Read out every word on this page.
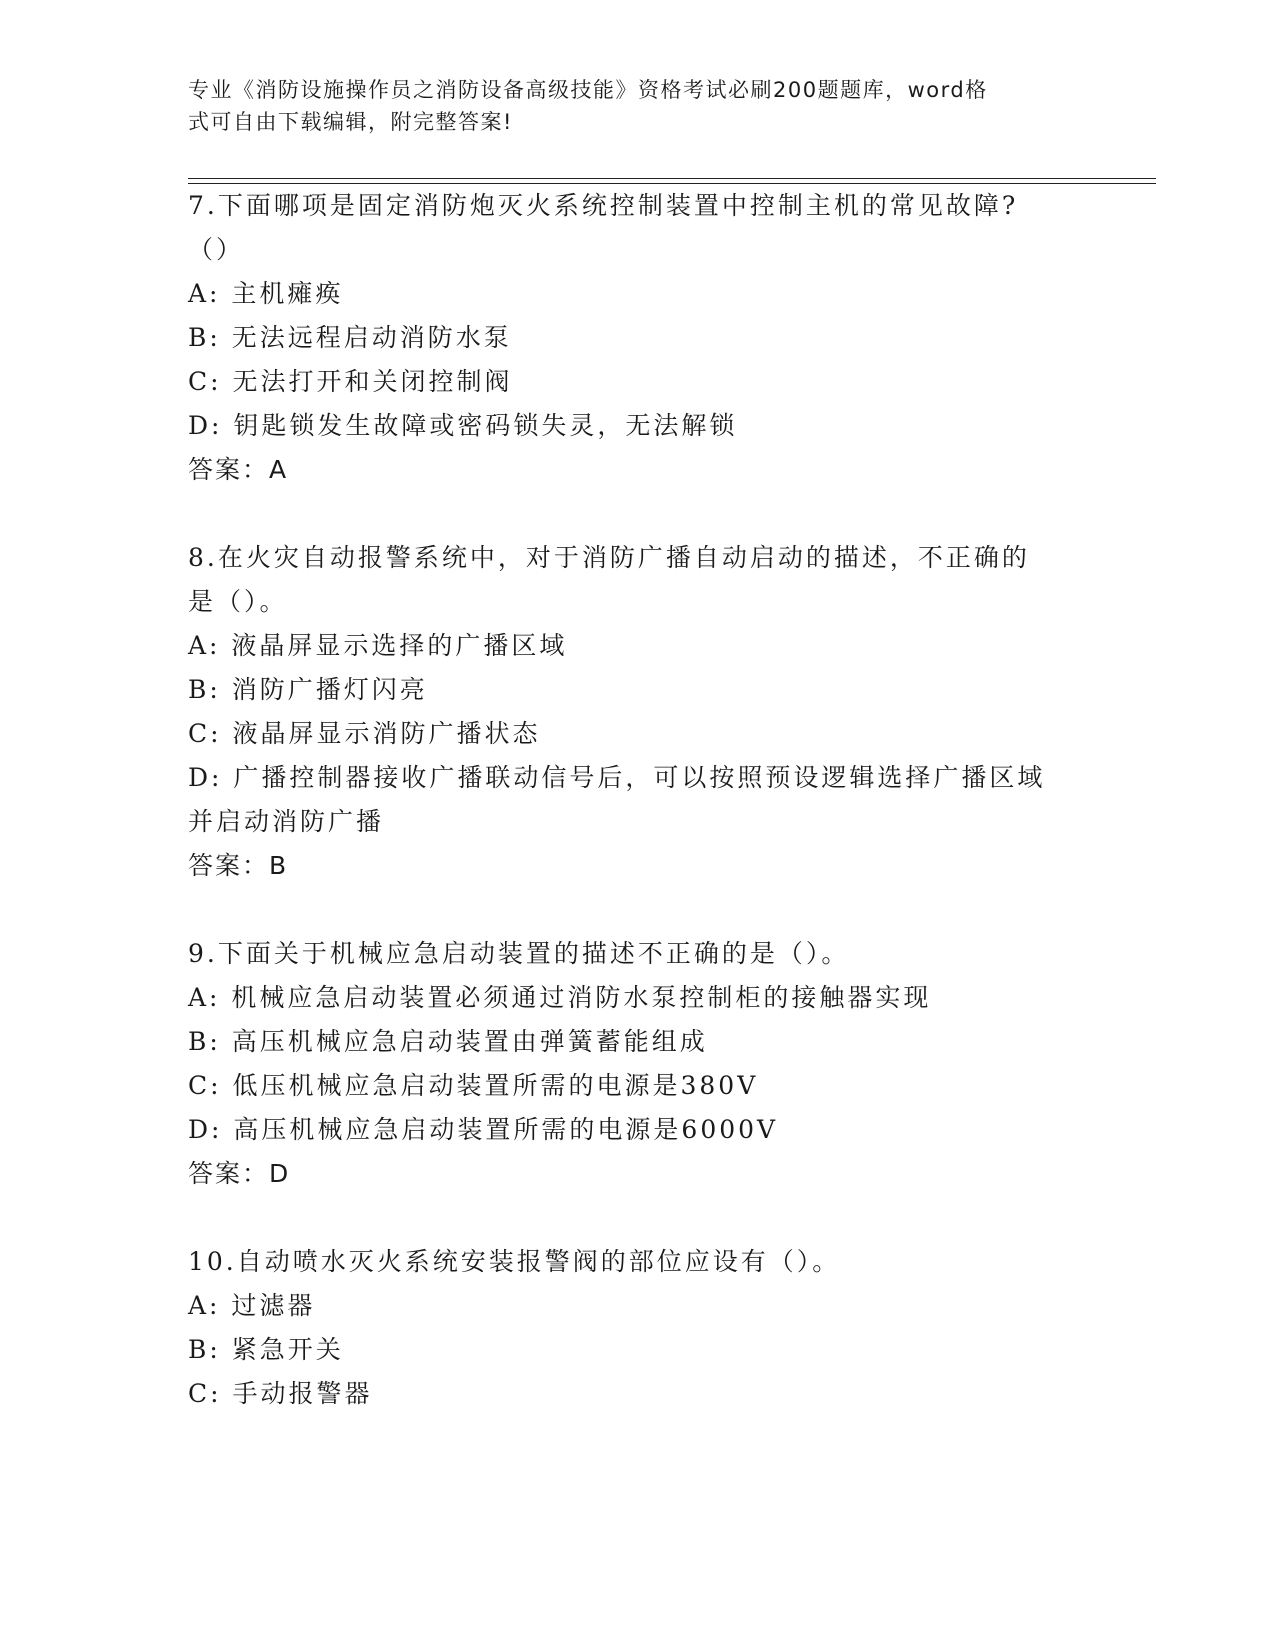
专业《消防设施操作员之消防设备高级技能》资格考试必刷200题题库，word格
式可自由下载编辑，附完整答案!
7.下面哪项是固定消防炮灭火系统控制装置中控制主机的常见故障?
（）
A: 主机瘫痪
B: 无法远程启动消防水泵
C: 无法打开和关闭控制阀
D: 钥匙锁发生故障或密码锁失灵，无法解锁
答案：A
8.在火灾自动报警系统中，对于消防广播自动启动的描述，不正确的
是（）。
A: 液晶屏显示选择的广播区域
B: 消防广播灯闪亮
C: 液晶屏显示消防广播状态
D: 广播控制器接收广播联动信号后，可以按照预设逻辑选择广播区域
并启动消防广播
答案：B
9.下面关于机械应急启动装置的描述不正确的是（）。
A: 机械应急启动装置必须通过消防水泵控制柜的接触器实现
B: 高压机械应急启动装置由弹簧蓄能组成
C: 低压机械应急启动装置所需的电源是380V
D: 高压机械应急启动装置所需的电源是6000V
答案：D
10.自动喷水灭火系统安装报警阀的部位应设有（）。
A: 过滤器
B: 紧急开关
C: 手动报警器
